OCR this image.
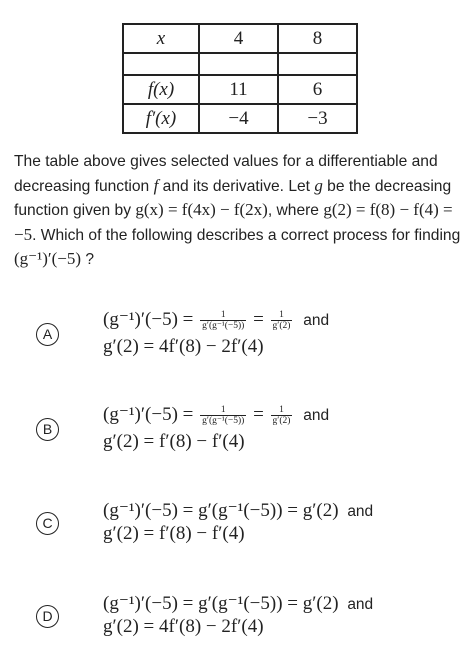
x	4	8

f(x)	11	6
f′(x)	−4	−3
The table above gives selected values for a differentiable and decreasing function f and its derivative. Let g be the decreasing function given by g(x) = f(4x) − f(2x), where g(2) = f(8) − f(4) = −5. Which of the following describes a correct process for finding (g⁻¹)′(−5) ?
A
$(g^{-1})'(-5) = \frac{1}{\text{g′(g⁻¹(−5))}} = \frac{1}{g'(2)}$ and
g′(2) = 4f′(8) − 2f′(4)
B
$(g^{-1})'(-5) = \frac{1}{\text{g′(g⁻¹(−5))}} = \frac{1}{g'(2)}$ and
g′(2) = f′(8) − f′(4)
C
(g⁻¹)′(−5) = g′(g⁻¹(−5)) = g′(2) and
g′(2) = f′(8) − f′(4)
D
(g⁻¹)′(−5) = g′(g⁻¹(−5)) = g′(2) and
g′(2) = 4f′(8) − 2f′(4)
